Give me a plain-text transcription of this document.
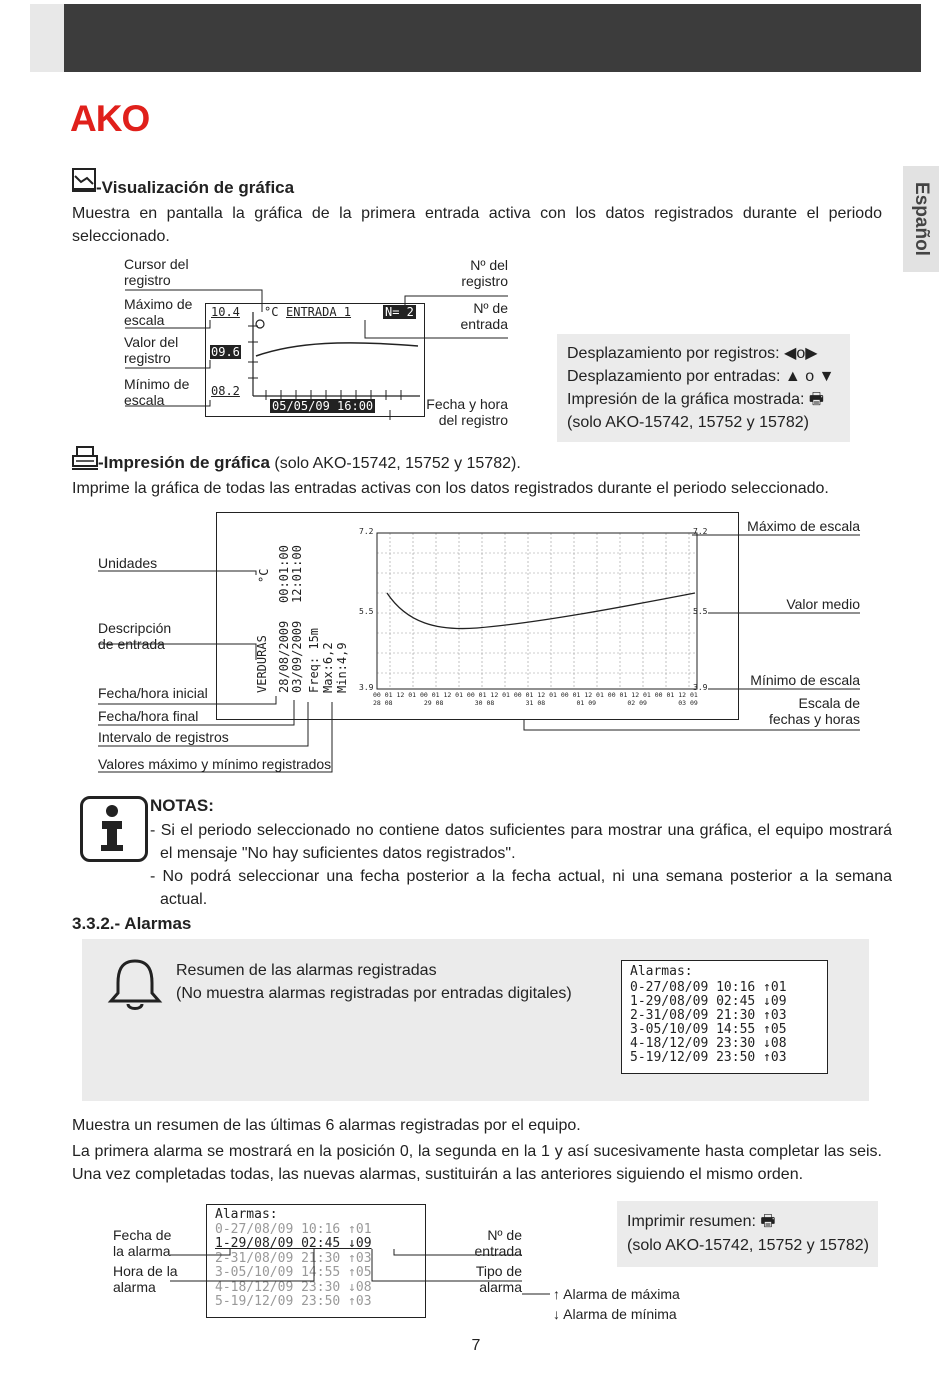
AKO
Español
-Visualización de gráfica
Muestra en pantalla la gráfica de la primera entrada activa con los datos registrados durante el periodo seleccionado.
Cursor del registro
Máximo de escala
Valor del registro
Mínimo de escala
Nº del registro
Nº de entrada
Fecha y hora del registro
10.4 °C ENTRADA 1	N= 2
09.6
08.2
05/05/09 16:00
Desplazamiento por registros: ◀o▶
Desplazamiento por entradas: ▲ o ▼
Impresión de la gráfica mostrada: 🖶
(solo AKO-15742, 15752 y 15782)
-Impresión de gráfica (solo AKO-15742, 15752 y 15782).
Imprime la gráfica de todas las entradas activas con los datos registrados durante el periodo seleccionado.
7.2	7.2
5.5	5.5
3.9	3.9
00 01 12 01 00 01 12 01 00 01 12 01 00 01 12 01 00 01 12 01 00 01 12 01 00 01 12 01
28 08        29 08        30 08        31 08        01 09        02 09        03 09
°C 00:01:00 12:01:00
VERDURAS 28/08/2009 03/09/2009 Freq: 15m Max:6,2 Min:4,9
Unidades
Descripción de entrada
Fecha/hora inicial
Fecha/hora final
Intervalo de registros
Valores máximo y mínimo registrados
Máximo de escala
Valor medio
Mínimo de escala
Escala de fechas y horas
NOTAS:
- Si el periodo seleccionado no contiene datos suficientes para mostrar una gráfica, el equipo mostrará el mensaje "No hay suficientes datos registrados".
- No podrá seleccionar una fecha posterior a la fecha actual, ni una semana posterior a la semana actual.
3.3.2.- Alarmas
Resumen de las alarmas registradas
(No muestra alarmas registradas por entradas digitales)
Alarmas:
0-27/08/09 10:16 ↑01
1-29/08/09 02:45 ↓09
2-31/08/09 21:30 ↑03
3-05/10/09 14:55 ↑05
4-18/12/09 23:30 ↓08
5-19/12/09 23:50 ↑03
Muestra un resumen de las últimas 6 alarmas registradas por el equipo.
La primera alarma se mostrará en la posición 0, la segunda en la 1 y así sucesivamente hasta completar las seis. Una vez completadas todas, las nuevas alarmas, sustituirán a las anteriores siguiendo el mismo orden.
Alarmas:
0-27/08/09 10:16 ↑01
1-29/08/09 02:45 ↓09
2-31/08/09 21:30 ↑03
3-05/10/09 14:55 ↑05
4-18/12/09 23:30 ↓08
5-19/12/09 23:50 ↑03
Fecha de la alarma
Hora de la alarma
Nº de entrada
Tipo de alarma ↑ Alarma de máxima
↓ Alarma de mínima
Imprimir resumen: 🖶
(solo AKO-15742, 15752 y 15782)
7
